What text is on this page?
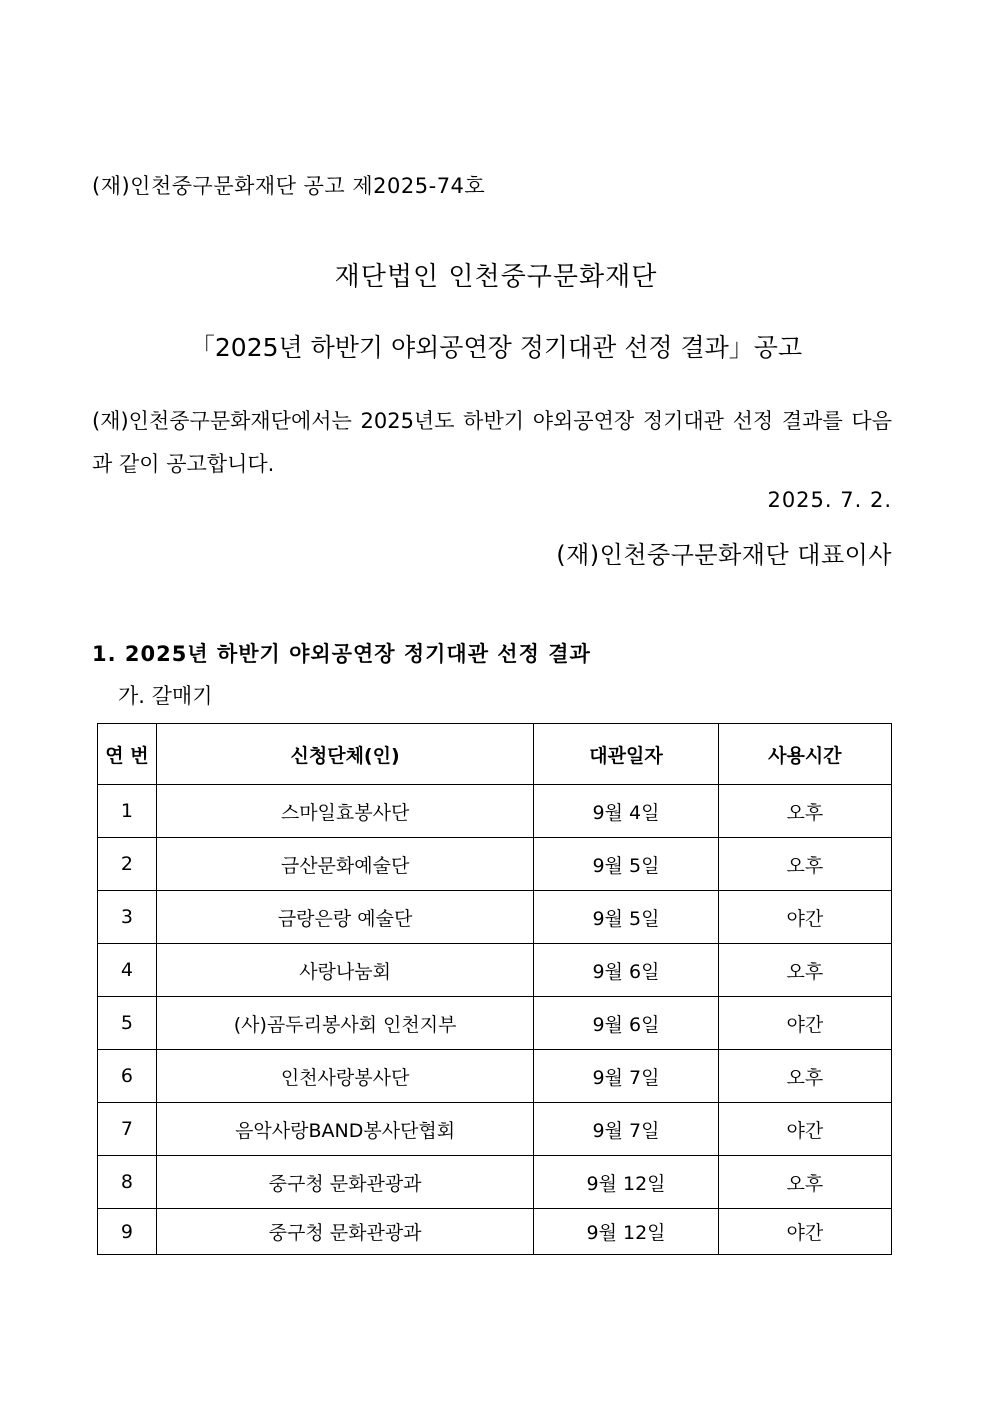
(재)인천중구문화재단 공고 제2025-74호
재단법인 인천중구문화재단
「2025년 하반기 야외공연장 정기대관 선정 결과」공고
(재)인천중구문화재단에서는 2025년도 하반기 야외공연장 정기대관 선정 결과를 다음과 같이 공고합니다.
2025. 7. 2.
(재)인천중구문화재단 대표이사
1. 2025년 하반기 야외공연장 정기대관 선정 결과
가. 갈매기
연 번	신청단체(인)	대관일자	사용시간
1	스마일효봉사단	9월 4일	오후
2	금산문화예술단	9월 5일	오후
3	금랑은랑 예술단	9월 5일	야간
4	사랑나눔회	9월 6일	오후
5	(사)곰두리봉사회 인천지부	9월 6일	야간
6	인천사랑봉사단	9월 7일	오후
7	음악사랑BAND봉사단협회	9월 7일	야간
8	중구청 문화관광과	9월 12일	오후
9	중구청 문화관광과	9월 12일	야간
